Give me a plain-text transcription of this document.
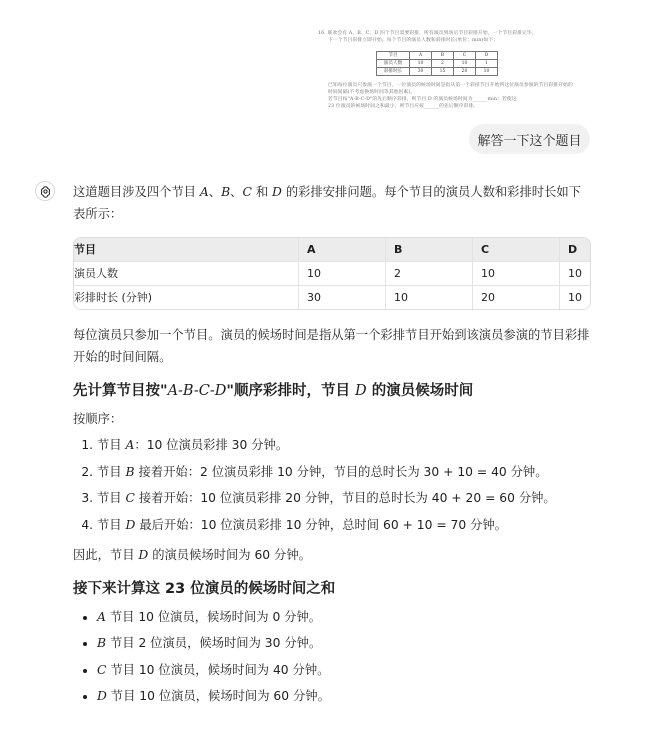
16. 联欢会有 A、B、C、D 四个节目需要彩排，所有演员到场后节目彩排开始，一个节目彩排完毕，

下一个节目彩排立即开始。每个节目的演员人数和彩排时长(单位：min)如下：

节目	A	B	C	D
演员人数	10	2	10	1
彩排时长	30	15	20	10

已知每位演员只参演一个节目，一位演员的候场时间是指从第一个彩排节目开始到这位演员参演的节目彩排开始的

时间间隔(不考虑换场时间等其他因素)。

若节目按"A-B-C-D"的先后顺序彩排，则节目 D 的演员候场时间为______min；若使这

23 位演员的候场时间之和最小，则节目应按______的先后顺序彩排。

解答一下这个题目

这道题目涉及四个节目 A、B、C 和 D 的彩排安排问题。每个节目的演员人数和彩排时长如下表所示：

节目	A	B	C	D
演员人数	10	2	10	10
彩排时长 (分钟)	30	10	20	10

每位演员只参加一个节目。演员的候场时间是指从第一个彩排节目开始到该演员参演的节目彩排开始的时间间隔。

先计算节目按"A-B-C-D"顺序彩排时，节目 D 的演员候场时间

按顺序：

1. 节目 A：10 位演员彩排 30 分钟。
2. 节目 B 接着开始：2 位演员彩排 10 分钟，节目的总时长为 30 + 10 = 40 分钟。
3. 节目 C 接着开始：10 位演员彩排 20 分钟，节目的总时长为 40 + 20 = 60 分钟。
4. 节目 D 最后开始：10 位演员彩排 10 分钟，总时间 60 + 10 = 70 分钟。

因此，节目 D 的演员候场时间为 60 分钟。

接下来计算这 23 位演员的候场时间之和
• A 节目 10 位演员，候场时间为 0 分钟。
• B 节目 2 位演员，候场时间为 30 分钟。
• C 节目 10 位演员，候场时间为 40 分钟。
• D 节目 10 位演员，候场时间为 60 分钟。
